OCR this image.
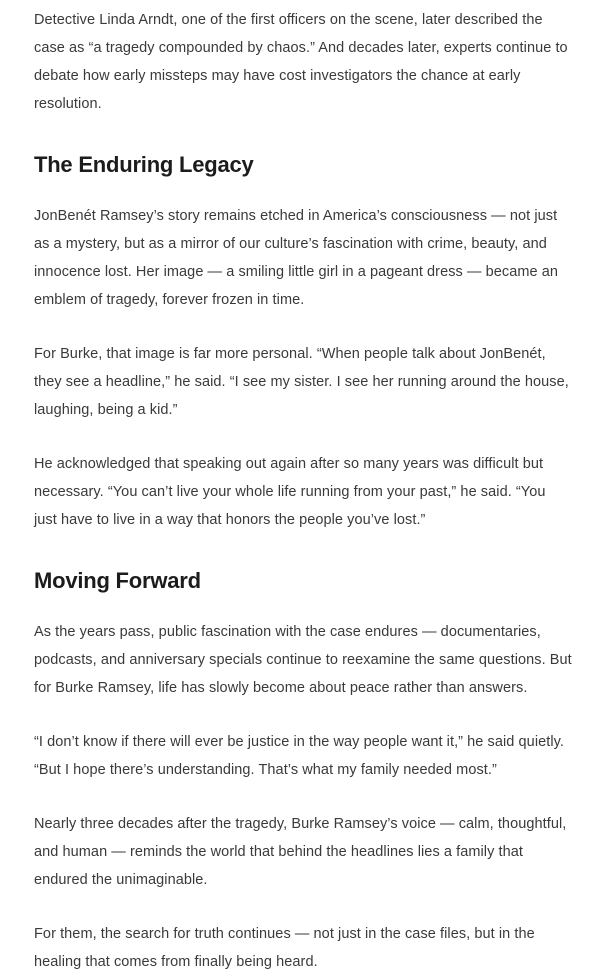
Detective Linda Arndt, one of the first officers on the scene, later described the case as “a tragedy compounded by chaos.” And decades later, experts continue to debate how early missteps may have cost investigators the chance at early resolution.

The Enduring Legacy

JonBenét Ramsey’s story remains etched in America’s consciousness — not just as a mystery, but as a mirror of our culture’s fascination with crime, beauty, and innocence lost. Her image — a smiling little girl in a pageant dress — became an emblem of tragedy, forever frozen in time.

For Burke, that image is far more personal. “When people talk about JonBenét, they see a headline,” he said. “I see my sister. I see her running around the house, laughing, being a kid.”

He acknowledged that speaking out again after so many years was difficult but necessary. “You can’t live your whole life running from your past,” he said. “You just have to live in a way that honors the people you’ve lost.”

Moving Forward

As the years pass, public fascination with the case endures — documentaries, podcasts, and anniversary specials continue to reexamine the same questions. But for Burke Ramsey, life has slowly become about peace rather than answers.

“I don’t know if there will ever be justice in the way people want it,” he said quietly. “But I hope there’s understanding. That’s what my family needed most.”

Nearly three decades after the tragedy, Burke Ramsey’s voice — calm, thoughtful, and human — reminds the world that behind the headlines lies a family that endured the unimaginable.

For them, the search for truth continues — not just in the case files, but in the healing that comes from finally being heard.
